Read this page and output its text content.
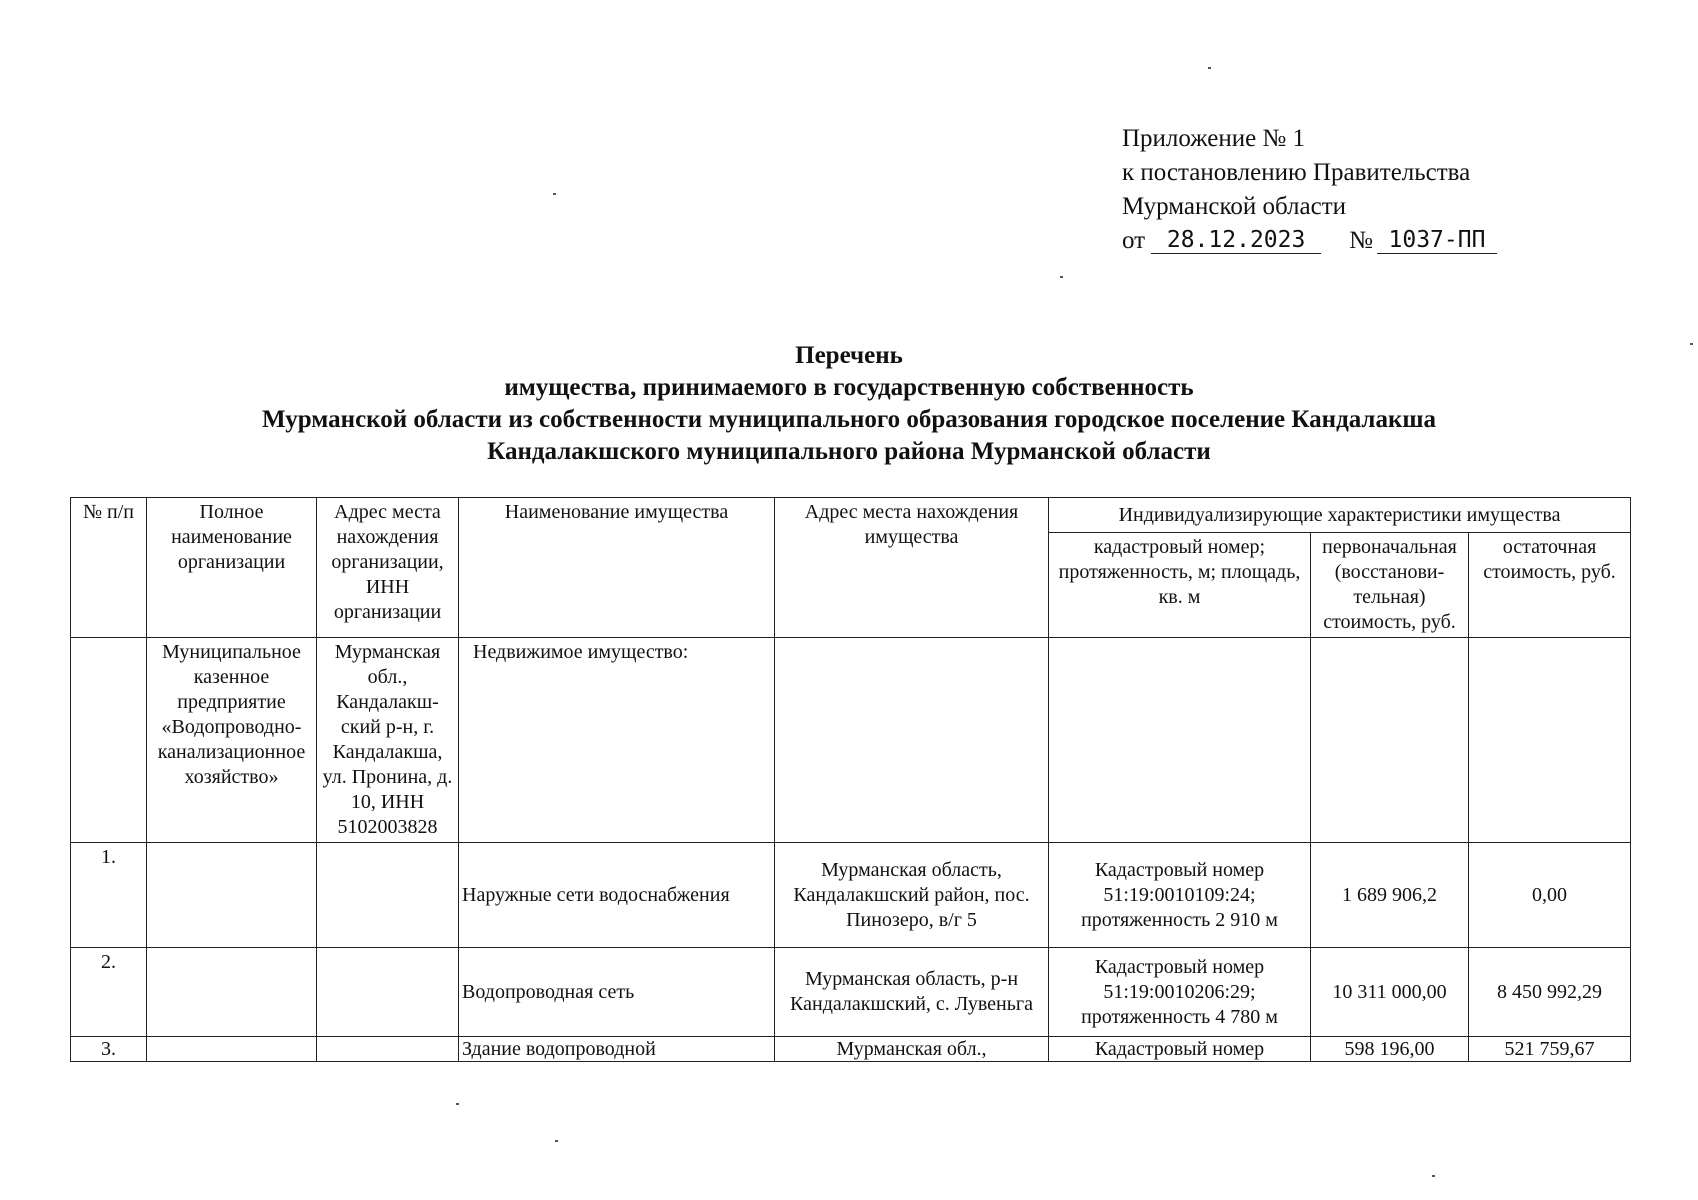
Приложение № 1
к постановлению Правительства
Мурманской области
от 28.12.2023	№ 1037-ПП
Перечень
имущества, принимаемого в государственную собственность
Мурманской области из собственности муниципального образования городское поселение Кандалакша
Кандалакшского муниципального района Мурманской области
№ п/п	Полное наименование организации	Адрес места нахождения организации, ИНН организации	Наименование имущества	Адрес места нахождения имущества	Индивидуализирующие характеристики имущества		
					кадастровый номер; протяженность, м; площадь, кв. м	первоначальная (восстанови-тельная) стоимость, руб.	остаточная стоимость, руб.
	Муниципальное казенное предприятие «Водопроводно-канализационное хозяйство»	Мурманская обл., Кандалакш-ский р-н, г. Кандалакша, ул. Пронина, д. 10, ИНН 5102003828	Недвижимое имущество:				
1.			Наружные сети водоснабжения	Мурманская область, Кандалакшский район, пос. Пинозеро, в/г 5	Кадастровый номер 51:19:0010109:24; протяженность 2 910 м	1 689 906,2	0,00
2.			Водопроводная сеть	Мурманская область, р-н Кандалакшский, с. Лувеньга	Кадастровый номер 51:19:0010206:29; протяженность 4 780 м	10 311 000,00	8 450 992,29
3.			Здание водопроводной	Мурманская обл.,	Кадастровый номер	598 196,00	521 759,67
